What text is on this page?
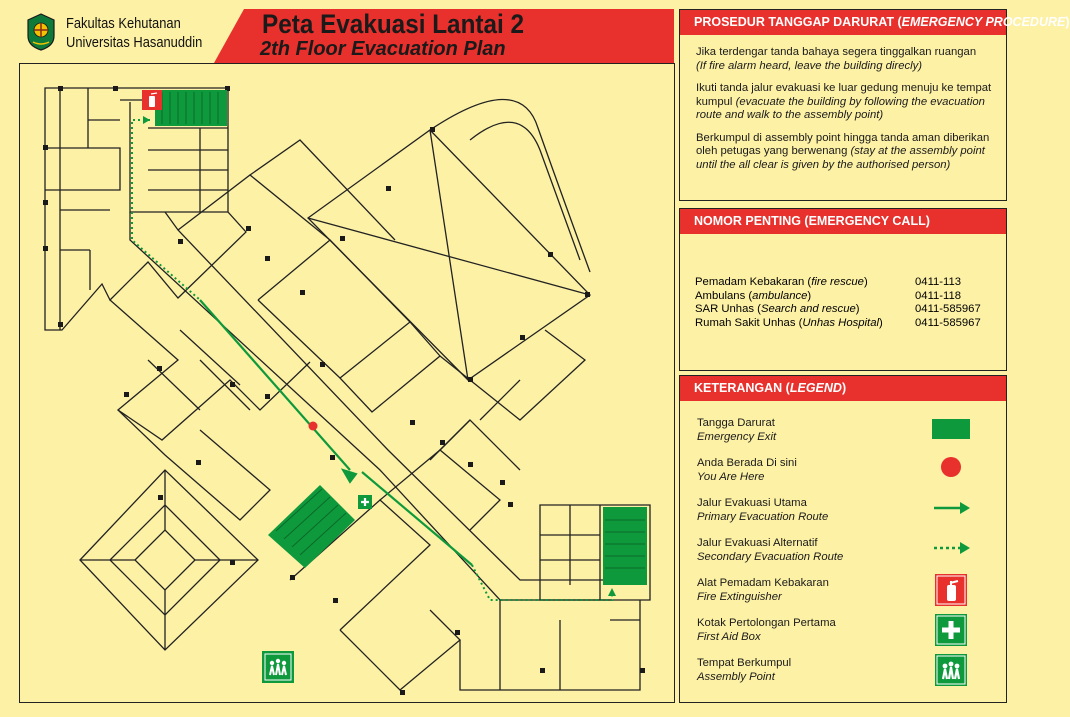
Fakultas Kehutanan
Universitas Hasanuddin
Peta Evakuasi Lantai 2
2th Floor Evacuation Plan
PROSEDUR TANGGAP DARURAT (EMERGENCY PROCEDURE)

Jika terdengar tanda bahaya segera tinggalkan ruangan
(If fire alarm heard, leave the building direcly)

Ikuti tanda jalur evakuasi ke luar gedung menuju ke tempat kumpul (evacuate the building by following the evacuation route and walk to the assembly point)

Berkumpul di assembly point hingga tanda aman diberikan oleh petugas yang berwenang (stay at the assembly point until the all clear is given by the authorised person)

NOMOR PENTING (EMERGENCY CALL)
Pemadam Kebakaran (fire rescue)	0411-113
Ambulans (ambulance)	0411-118
SAR Unhas (Search and rescue)	0411-585967
Rumah Sakit Unhas (Unhas Hospital)	0411-585967
KETERANGAN (LEGEND)
Tangga Darurat
Emergency Exit
Anda Berada Di sini
You Are Here
Jalur Evakuasi Utama
Primary Evacuation Route
Jalur Evakuasi Alternatif
Secondary Evacuation Route
Alat Pemadam Kebakaran
Fire Extinguisher
Kotak Pertolongan Pertama
First Aid Box
Tempat Berkumpul
Assembly Point
